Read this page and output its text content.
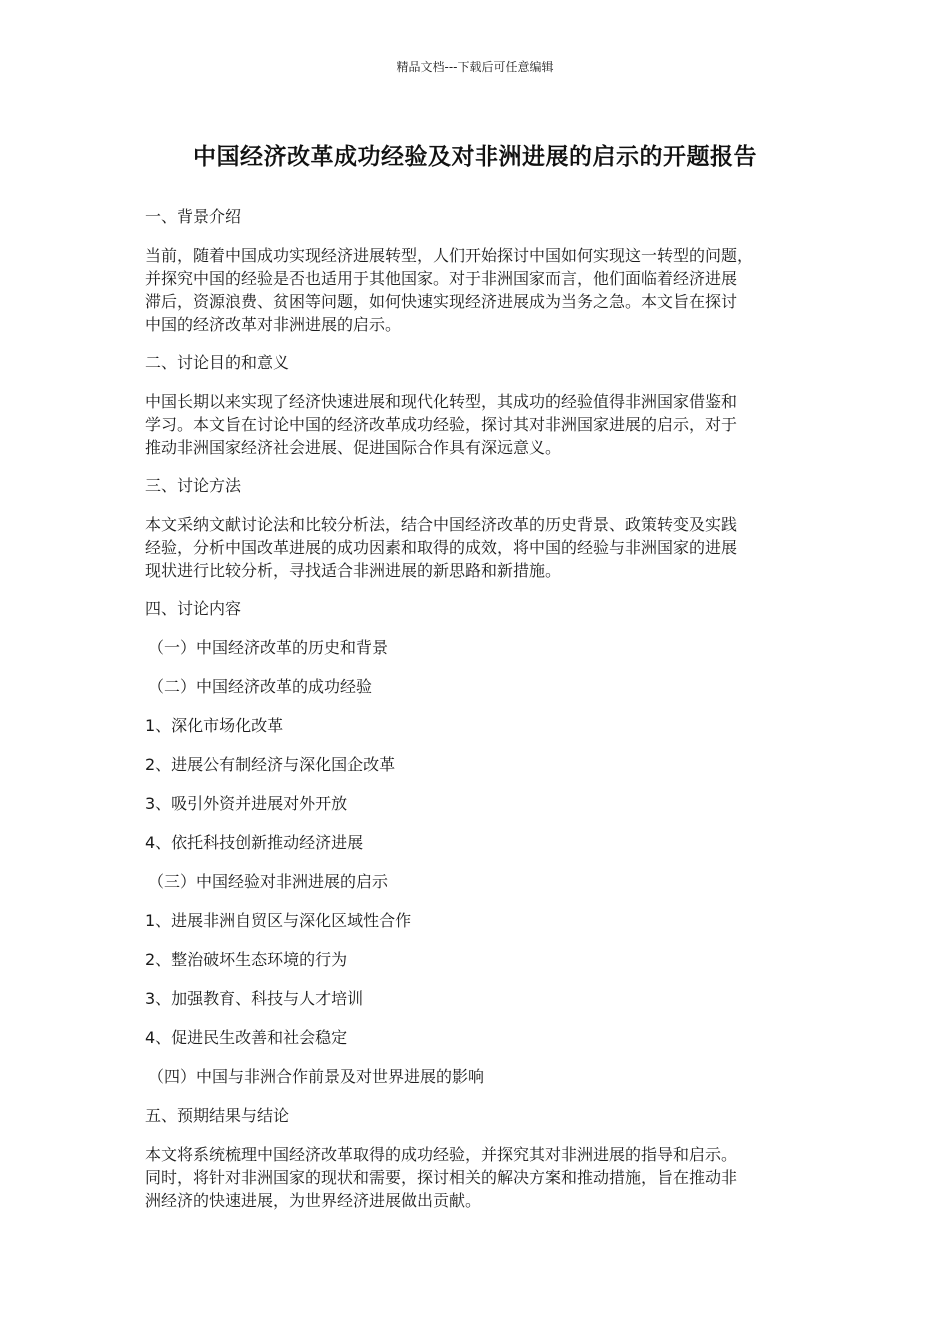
精品文档---下载后可任意编辑
中国经济改革成功经验及对非洲进展的启示的开题报告
一、背景介绍
当前，随着中国成功实现经济进展转型，人们开始探讨中国如何实现这一转型的问题，
并探究中国的经验是否也适用于其他国家。对于非洲国家而言，他们面临着经济进展
滞后，资源浪费、贫困等问题，如何快速实现经济进展成为当务之急。本文旨在探讨
中国的经济改革对非洲进展的启示。
二、讨论目的和意义
中国长期以来实现了经济快速进展和现代化转型，其成功的经验值得非洲国家借鉴和
学习。本文旨在讨论中国的经济改革成功经验，探讨其对非洲国家进展的启示，对于
推动非洲国家经济社会进展、促进国际合作具有深远意义。
三、讨论方法
本文采纳文献讨论法和比较分析法，结合中国经济改革的历史背景、政策转变及实践
经验，分析中国改革进展的成功因素和取得的成效，将中国的经验与非洲国家的进展
现状进行比较分析，寻找适合非洲进展的新思路和新措施。
四、讨论内容
（一）中国经济改革的历史和背景
（二）中国经济改革的成功经验
1、深化市场化改革
2、进展公有制经济与深化国企改革
3、吸引外资并进展对外开放
4、依托科技创新推动经济进展
（三）中国经验对非洲进展的启示
1、进展非洲自贸区与深化区域性合作
2、整治破坏生态环境的行为
3、加强教育、科技与人才培训
4、促进民生改善和社会稳定
（四）中国与非洲合作前景及对世界进展的影响
五、预期结果与结论
本文将系统梳理中国经济改革取得的成功经验，并探究其对非洲进展的指导和启示。
同时，将针对非洲国家的现状和需要，探讨相关的解决方案和推动措施，旨在推动非
洲经济的快速进展，为世界经济进展做出贡献。
